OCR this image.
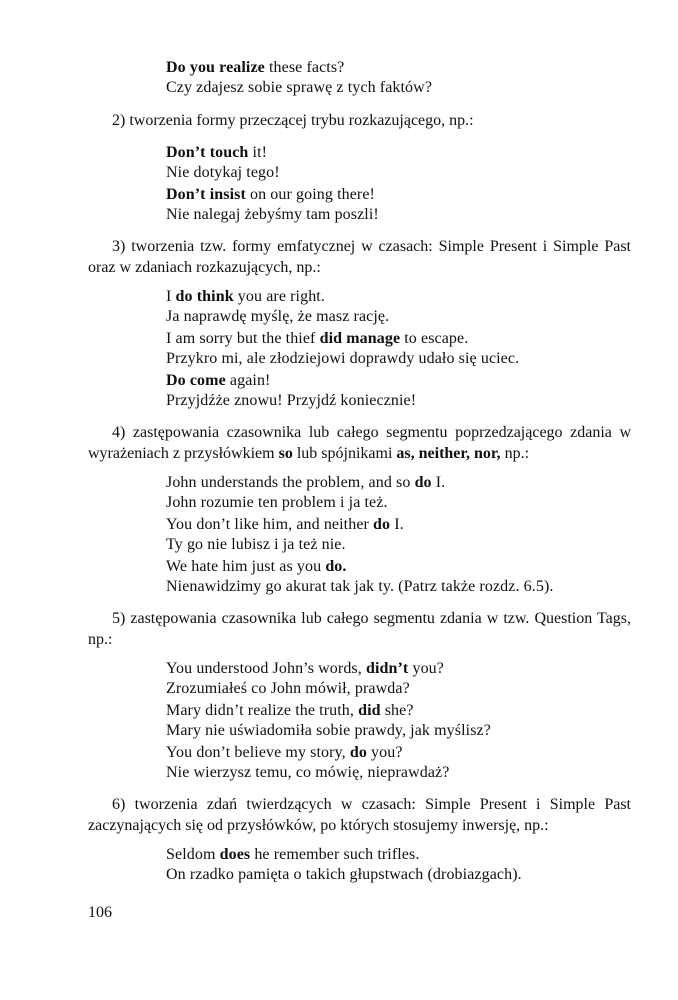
Do you realize these facts?

Czy zdajesz sobie sprawę z tych faktów?

2) tworzenia formy przeczącej trybu rozkazującego, np.:

Don’t touch it!

Nie dotykaj tego!

Don’t insist on our going there!

Nie nalegaj żebyśmy tam poszli!

3) tworzenia tzw. formy emfatycznej w czasach: Simple Present i Simple Past oraz w zdaniach rozkazujących, np.:

I do think you are right.

Ja naprawdę myślę, że masz rację.

I am sorry but the thief did manage to escape.

Przykro mi, ale złodziejowi doprawdy udało się uciec.

Do come again!

Przyjdźże znowu! Przyjdź koniecznie!

4) zastępowania czasownika lub całego segmentu poprzedzającego zdania w wyrażeniach z przysłówkiem so lub spójnikami as, neither, nor, np.:

John understands the problem, and so do I.

John rozumie ten problem i ja też.

You don’t like him, and neither do I.

Ty go nie lubisz i ja też nie.

We hate him just as you do.

Nienawidzimy go akurat tak jak ty. (Patrz także rozdz. 6.5).

5) zastępowania czasownika lub całego segmentu zdania w tzw. Question Tags, np.:

You understood John’s words, didn’t you?

Zrozumiałeś co John mówił, prawda?

Mary didn’t realize the truth, did she?

Mary nie uświadomiła sobie prawdy, jak myślisz?

You don’t believe my story, do you?

Nie wierzysz temu, co mówię, nieprawdaż?

6) tworzenia zdań twierdzących w czasach: Simple Present i Simple Past zaczynających się od przysłówków, po których stosujemy inwersję, np.:

Seldom does he remember such trifles.

On rzadko pamięta o takich głupstwach (drobiazgach).

106
